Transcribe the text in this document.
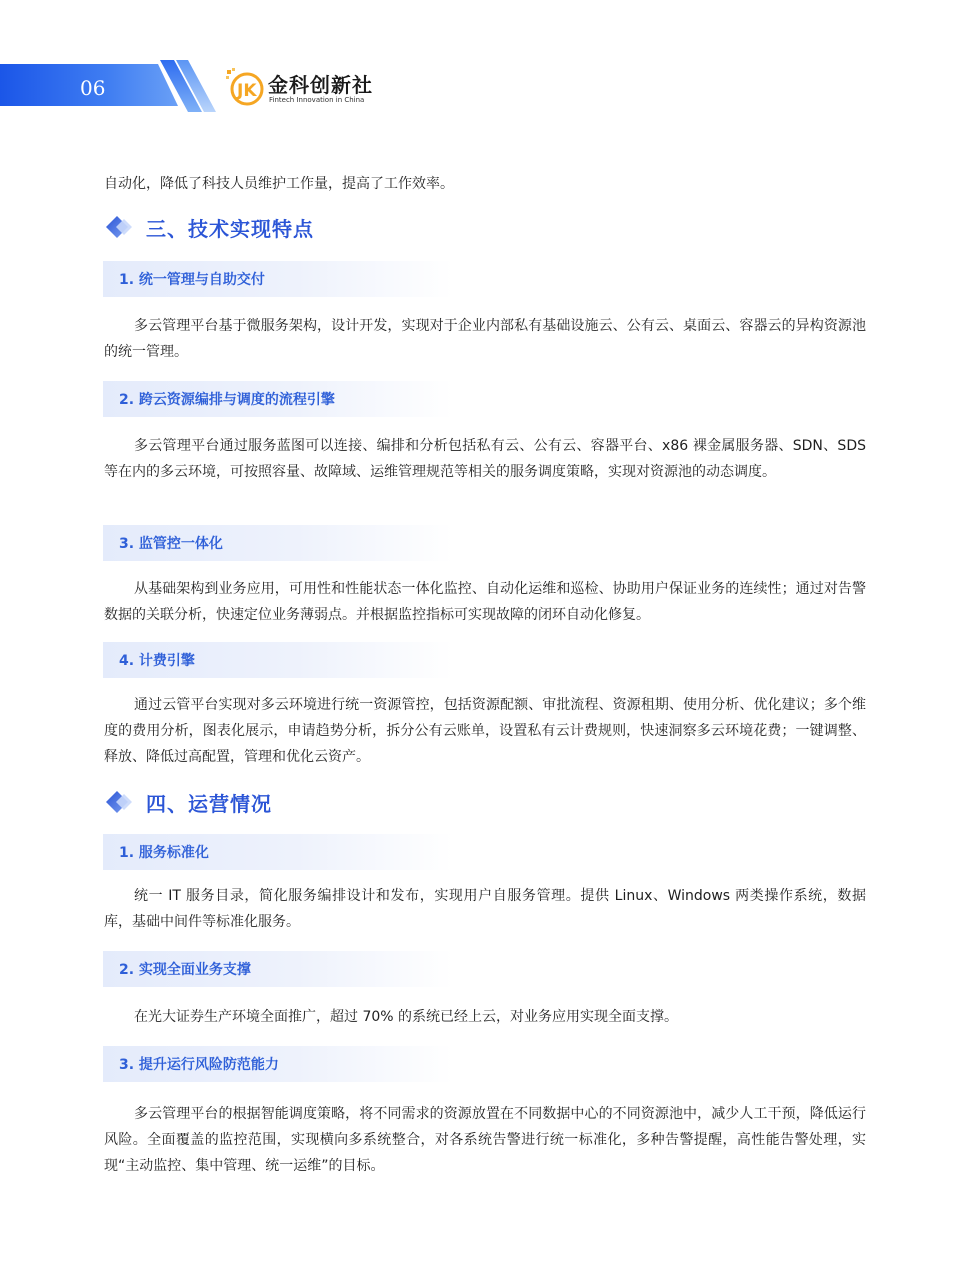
06	JK 金科创新社
Fintech Innovation in China

自动化，降低了科技人员维护工作量，提高了工作效率。

三、技术实现特点
1. 统一管理与自助交付

多云管理平台基于微服务架构，设计开发，实现对于企业内部私有基础设施云、公有云、桌面云、容器云的异构资源池的统一管理。

2. 跨云资源编排与调度的流程引擎

多云管理平台通过服务蓝图可以连接、编排和分析包括私有云、公有云、容器平台、x86 裸金属服务器、SDN、SDS 等在内的多云环境，可按照容量、故障域、运维管理规范等相关的服务调度策略，实现对资源池的动态调度。

3. 监管控一体化

从基础架构到业务应用，可用性和性能状态一体化监控、自动化运维和巡检、协助用户保证业务的连续性；通过对告警数据的关联分析，快速定位业务薄弱点。并根据监控指标可实现故障的闭环自动化修复。

4. 计费引擎

通过云管平台实现对多云环境进行统一资源管控，包括资源配额、审批流程、资源租期、使用分析、优化建议；多个维度的费用分析，图表化展示，申请趋势分析，拆分公有云账单，设置私有云计费规则，快速洞察多云环境花费；一键调整、释放、降低过高配置，管理和优化云资产。

四、运营情况
1. 服务标准化

统一 IT 服务目录，简化服务编排设计和发布，实现用户自服务管理。提供 Linux、Windows 两类操作系统，数据库，基础中间件等标准化服务。

2. 实现全面业务支撑

在光大证券生产环境全面推广，超过 70% 的系统已经上云，对业务应用实现全面支撑。

3. 提升运行风险防范能力

多云管理平台的根据智能调度策略，将不同需求的资源放置在不同数据中心的不同资源池中，减少人工干预，降低运行风险。全面覆盖的监控范围，实现横向多系统整合，对各系统告警进行统一标准化，多种告警提醒，高性能告警处理，实现“主动监控、集中管理、统一运维”的目标。
